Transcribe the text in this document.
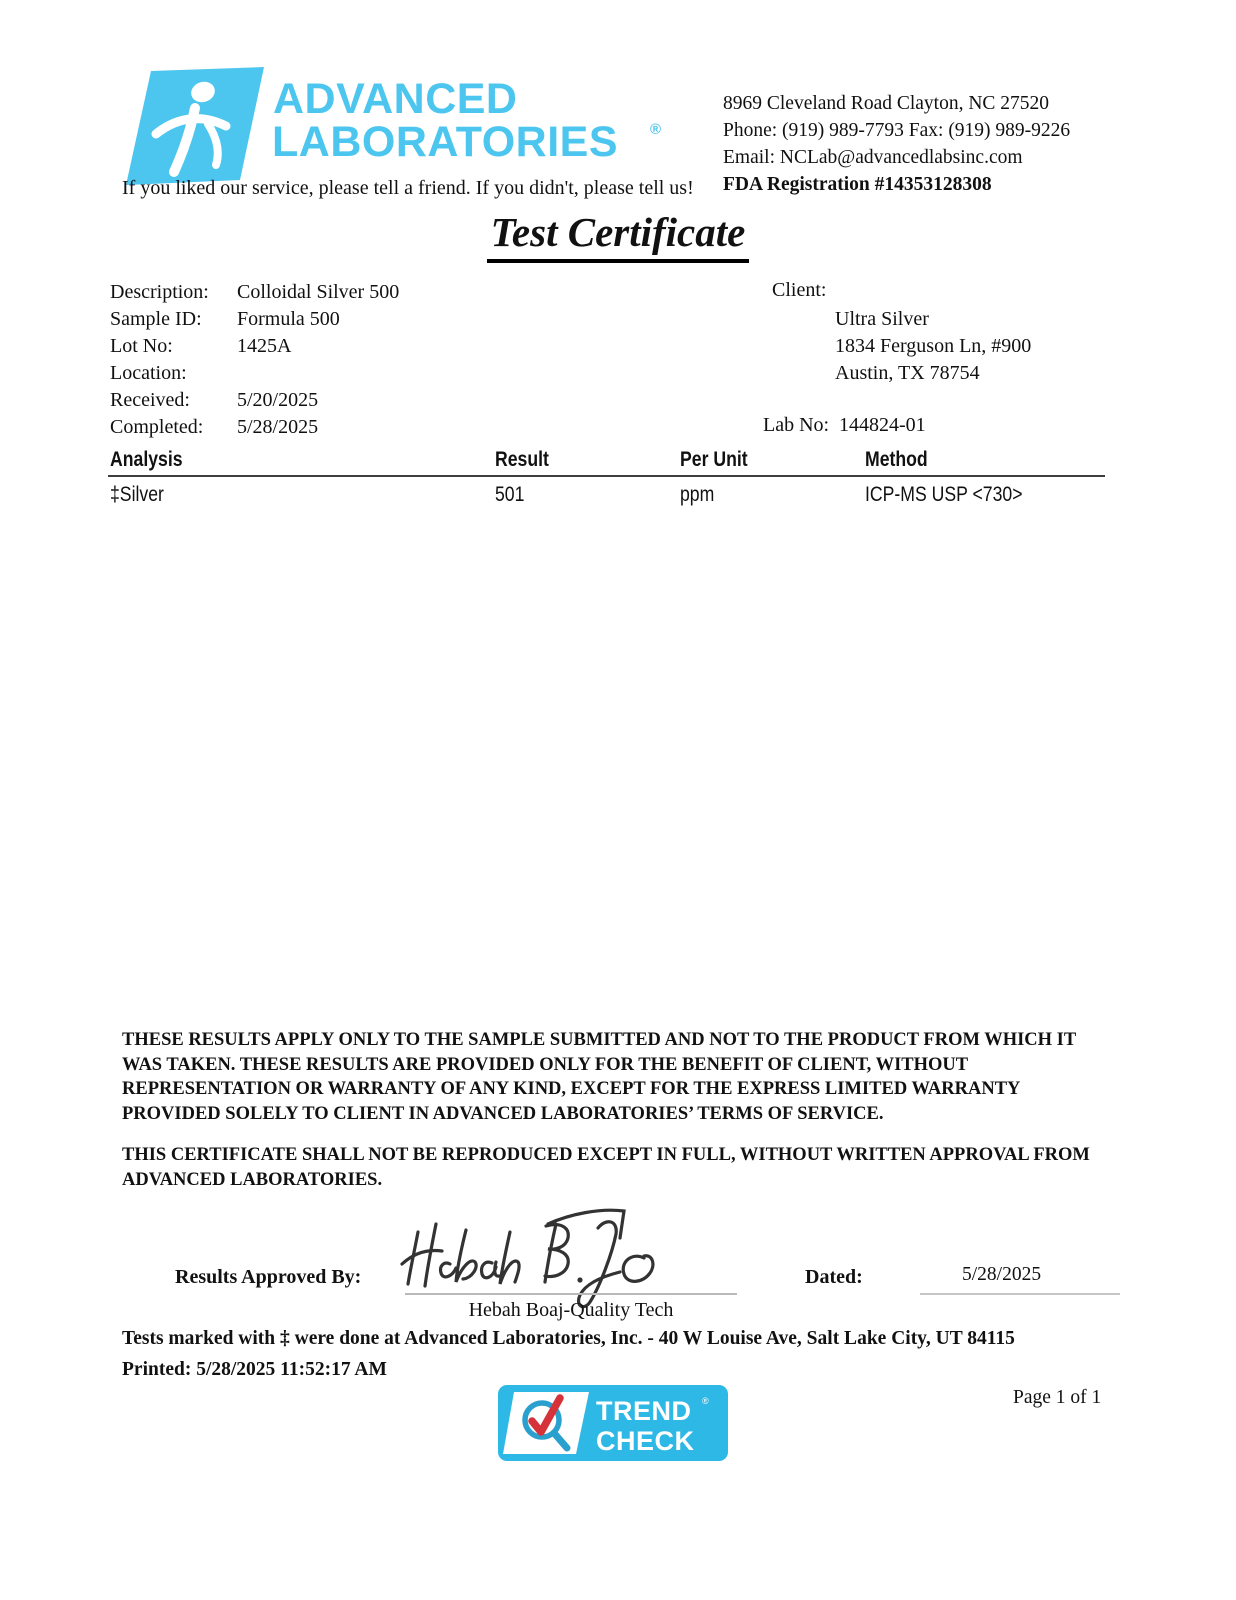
ADVANCED
LABORATORIES ®
If you liked our service, please tell a friend. If you didn't, please tell us!
8969 Cleveland Road Clayton, NC 27520
Phone: (919) 989-7793 Fax: (919) 989-9226
Email: NCLab@advancedlabsinc.com
FDA Registration #14353128308
Test Certificate
Description: Colloidal Silver 500
Sample ID: Formula 500
Lot No:	1425A
Location:
Received: 5/20/2025
Completed: 5/28/2025
Client:
Ultra Silver
1834 Ferguson Ln, #900
Austin, TX 78754
Lab No: 144824-01
Analysis	Result	Per Unit	Method
‡Silver	501	ppm	ICP-MS USP <730>
THESE RESULTS APPLY ONLY TO THE SAMPLE SUBMITTED AND NOT TO THE PRODUCT FROM WHICH IT WAS TAKEN. THESE RESULTS ARE PROVIDED ONLY FOR THE BENEFIT OF CLIENT, WITHOUT REPRESENTATION OR WARRANTY OF ANY KIND, EXCEPT FOR THE EXPRESS LIMITED WARRANTY PROVIDED SOLELY TO CLIENT IN ADVANCED LABORATORIES’ TERMS OF SERVICE.
THIS CERTIFICATE SHALL NOT BE REPRODUCED EXCEPT IN FULL, WITHOUT WRITTEN APPROVAL FROM ADVANCED LABORATORIES.
Results Approved By:
Hebah Boaj-Quality Tech
Dated:	5/28/2025
Tests marked with ‡ were done at Advanced Laboratories, Inc. - 40 W Louise Ave, Salt Lake City, UT 84115
Printed: 5/28/2025 11:52:17 AM
TREND ®
CHECK
Page 1 of 1
